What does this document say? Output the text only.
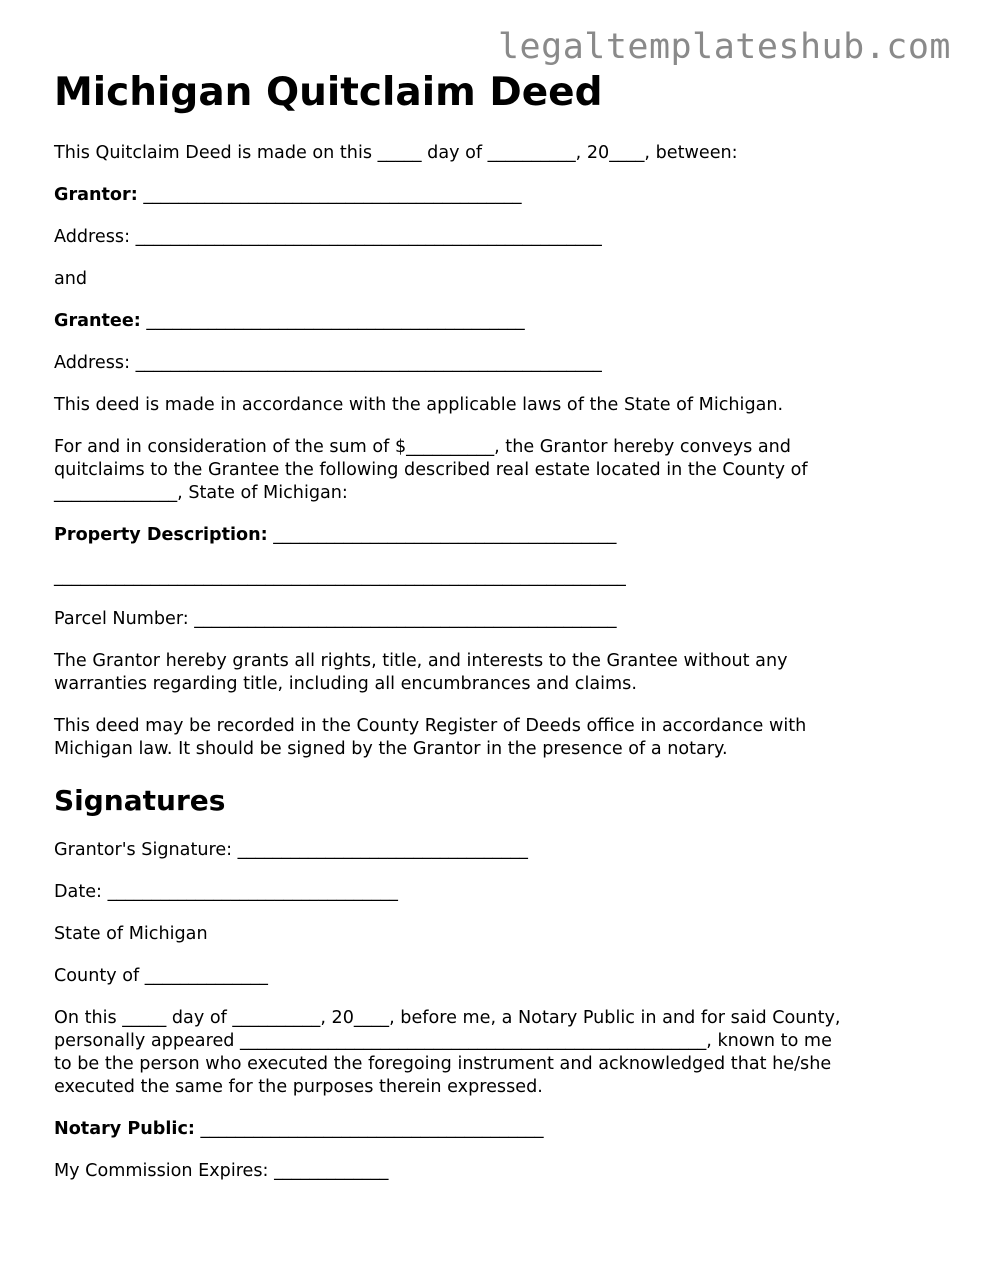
legaltemplateshub.com
Michigan Quitclaim Deed

This Quitclaim Deed is made on this _____ day of __________, 20____, between:

Grantor: ___________________________________________

Address: _____________________________________________________

and

Grantee: ___________________________________________

Address: _____________________________________________________

This deed is made in accordance with the applicable laws of the State of Michigan.

For and in consideration of the sum of $__________, the Grantor hereby conveys and

quitclaims to the Grantee the following described real estate located in the County of

______________, State of Michigan:

Property Description: _______________________________________

_________________________________________________________________

Parcel Number: ________________________________________________

The Grantor hereby grants all rights, title, and interests to the Grantee without any

warranties regarding title, including all encumbrances and claims.

This deed may be recorded in the County Register of Deeds office in accordance with

Michigan law. It should be signed by the Grantor in the presence of a notary.

Signatures

Grantor's Signature: _________________________________

Date: _________________________________

State of Michigan

County of ______________

On this _____ day of __________, 20____, before me, a Notary Public in and for said County,

personally appeared _____________________________________________________, known to me

to be the person who executed the foregoing instrument and acknowledged that he/she

executed the same for the purposes therein expressed.

Notary Public: _______________________________________

My Commission Expires: _____________
